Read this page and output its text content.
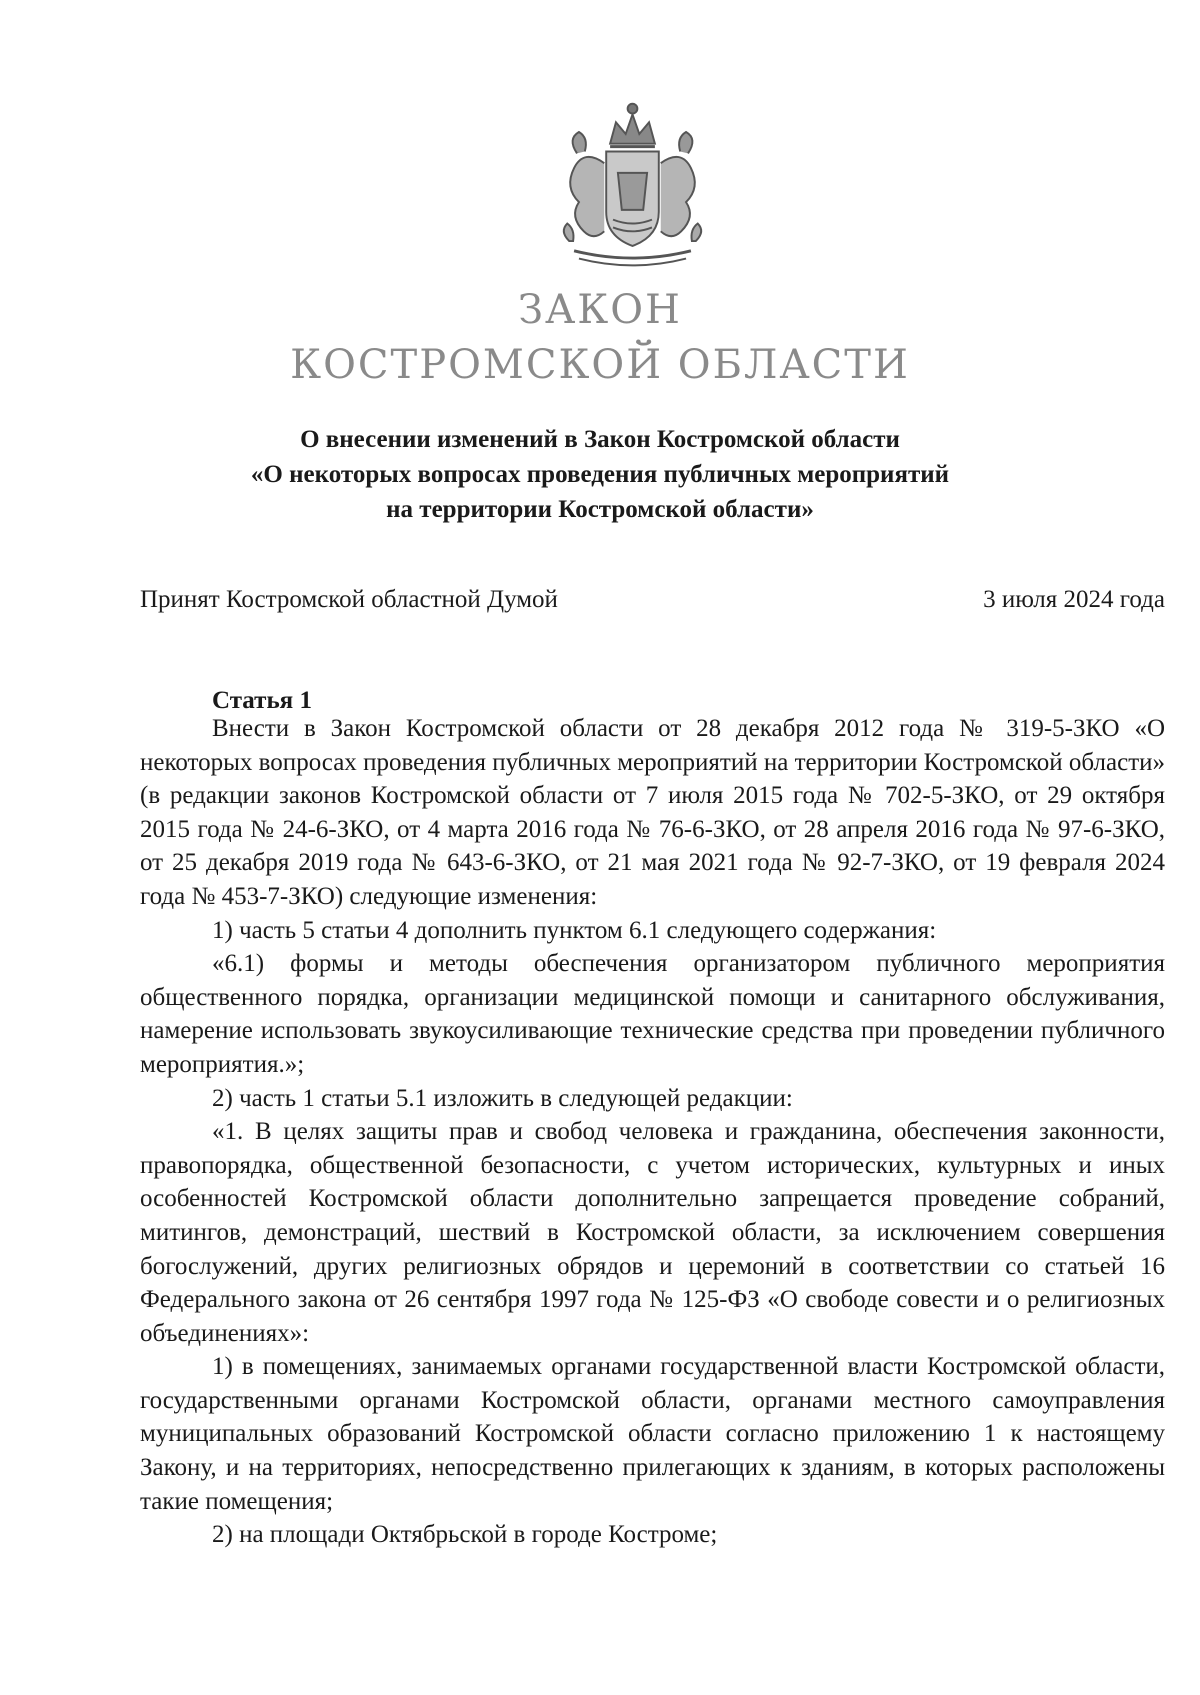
ЗАКОН
КОСТРОМСКОЙ ОБЛАСТИ
О внесении изменений в Закон Костромской области
«О некоторых вопросах проведения публичных мероприятий
на территории Костромской области»
Принят Костромской областной Думой	3 июля 2024 года
Статья 1

Внести в Закон Костромской области от 28 декабря 2012 года № 319-5-ЗКО «О некоторых вопросах проведения публичных мероприятий на территории Костромской области» (в редакции законов Костромской области от 7 июля 2015 года № 702-5-ЗКО, от 29 октября 2015 года № 24-6-ЗКО, от 4 марта 2016 года № 76-6-ЗКО, от 28 апреля 2016 года № 97-6-ЗКО, от 25 декабря 2019 года № 643-6-ЗКО, от 21 мая 2021 года № 92-7-ЗКО, от 19 февраля 2024 года № 453-7-ЗКО) следующие изменения:

1) часть 5 статьи 4 дополнить пунктом 6.1 следующего содержания:

«6.1) формы и методы обеспечения организатором публичного мероприятия общественного порядка, организации медицинской помощи и санитарного обслуживания, намерение использовать звукоусиливающие технические средства при проведении публичного мероприятия.»;

2) часть 1 статьи 5.1 изложить в следующей редакции:

«1. В целях защиты прав и свобод человека и гражданина, обеспечения законности, правопорядка, общественной безопасности, с учетом исторических, культурных и иных особенностей Костромской области дополнительно запрещается проведение собраний, митингов, демонстраций, шествий в Костромской области, за исключением совершения богослужений, других религиозных обрядов и церемоний в соответствии со статьей 16 Федерального закона от 26 сентября 1997 года № 125-ФЗ «О свободе совести и о религиозных объединениях»:

1) в помещениях, занимаемых органами государственной власти Костромской области, государственными органами Костромской области, органами местного самоуправления муниципальных образований Костромской области согласно приложению 1 к настоящему Закону, и на территориях, непосредственно прилегающих к зданиям, в которых расположены такие помещения;

2) на площади Октябрьской в городе Костроме;
